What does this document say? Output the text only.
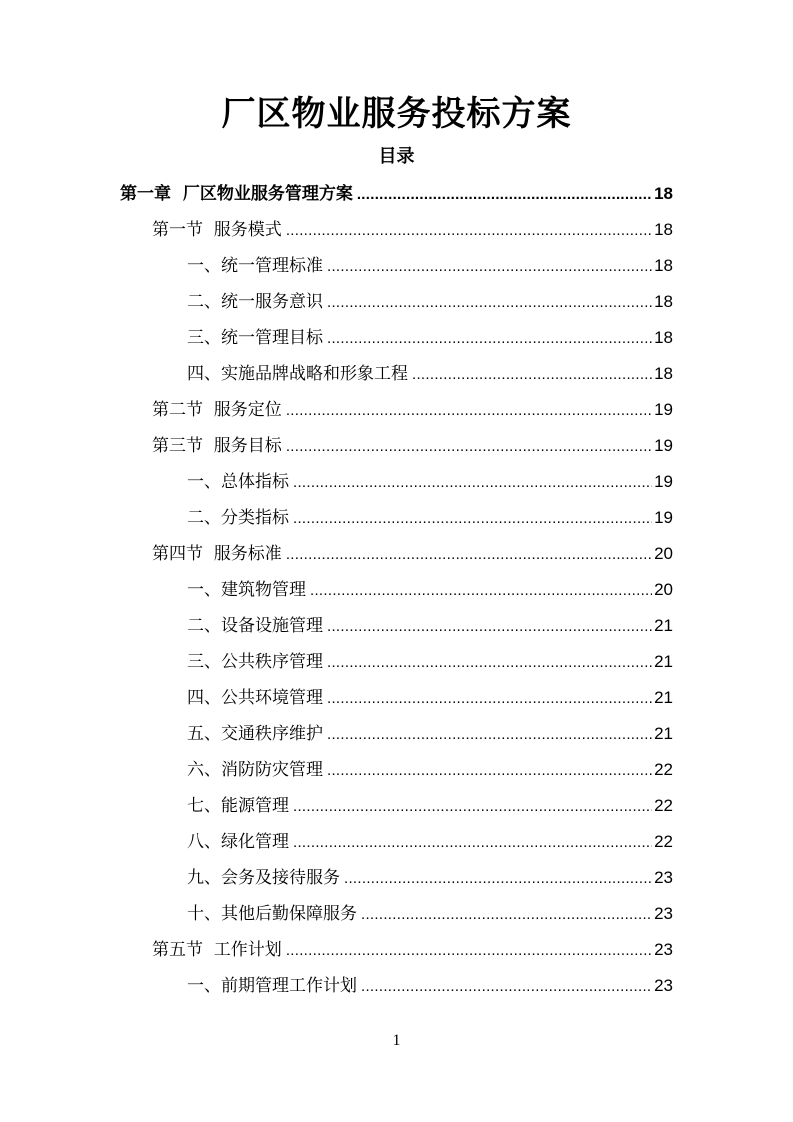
厂区物业服务投标方案
目录
第一章  厂区物业服务管理方案 .....	18
第一节  服务模式 .....	18
一、统一管理标准 .....	18
二、统一服务意识 .....	18
三、统一管理目标 .....	18
四、实施品牌战略和形象工程 .....	18
第二节  服务定位 .....	19
第三节  服务目标 .....	19
一、总体指标 .....	19
二、分类指标 .....	19
第四节  服务标准 .....	20
一、建筑物管理 .....	20
二、设备设施管理 .....	21
三、公共秩序管理 .....	21
四、公共环境管理 .....	21
五、交通秩序维护 .....	21
六、消防防灾管理 .....	22
七、能源管理 .....	22
八、绿化管理 .....	22
九、会务及接待服务 .....	23
十、其他后勤保障服务 .....	23
第五节  工作计划 .....	23
一、前期管理工作计划 .....	23
1
